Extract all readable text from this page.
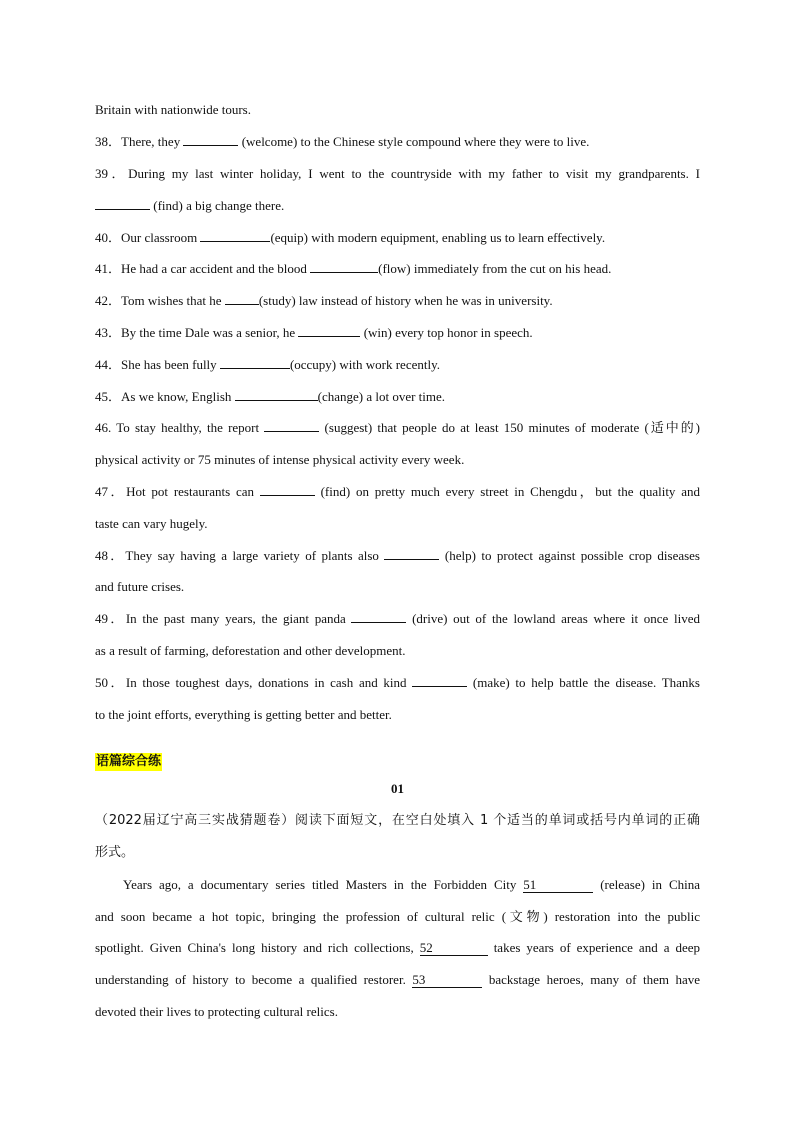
Britain with nationwide tours.
38．There, they	(welcome) to the Chinese style compound where they were to live.
39．During my last winter holiday, I went to the countryside with my father to visit my grandparents. I
(find) a big change there.
40．Our classroom	(equip) with modern equipment, enabling us to learn effectively.
41．He had a car accident and the blood	(flow) immediately from the cut on his head.
42．Tom wishes that he	(study) law instead of history when he was in university.
43．By the time Dale was a senior, he	(win) every top honor in speech.
44．She has been fully	(occupy) with work recently.
45．As we know, English	(change) a lot over time.
46. To stay healthy, the report	(suggest) that people do at least 150 minutes of moderate (适中的)
physical activity or 75 minutes of intense physical activity every week.
47．Hot pot restaurants can	(find) on pretty much every street in Chengdu，but the quality and
taste can vary hugely.
48．They say having a large variety of plants also	(help) to protect against possible crop diseases
and future crises.
49．In the past many years, the giant panda	(drive) out of the lowland areas where it once lived
as a result of farming, deforestation and other development.
50．In those toughest days, donations in cash and kind	(make) to help battle the disease. Thanks
to the joint efforts, everything is getting better and better.
语篇综合练
01
（2022届辽宁高三实战猜题卷）阅读下面短文，在空白处填入 1 个适当的单词或括号内单词的正确
形式。
Years ago, a documentary series titled Masters in the Forbidden City 51	(release) in China
and soon became a hot topic, bringing the profession of cultural relic (文物) restoration into the public
spotlight. Given China's long history and rich collections, 52	takes years of experience and a deep
understanding of history to become a qualified restorer. 53	backstage heroes, many of them have
devoted their lives to protecting cultural relics.
